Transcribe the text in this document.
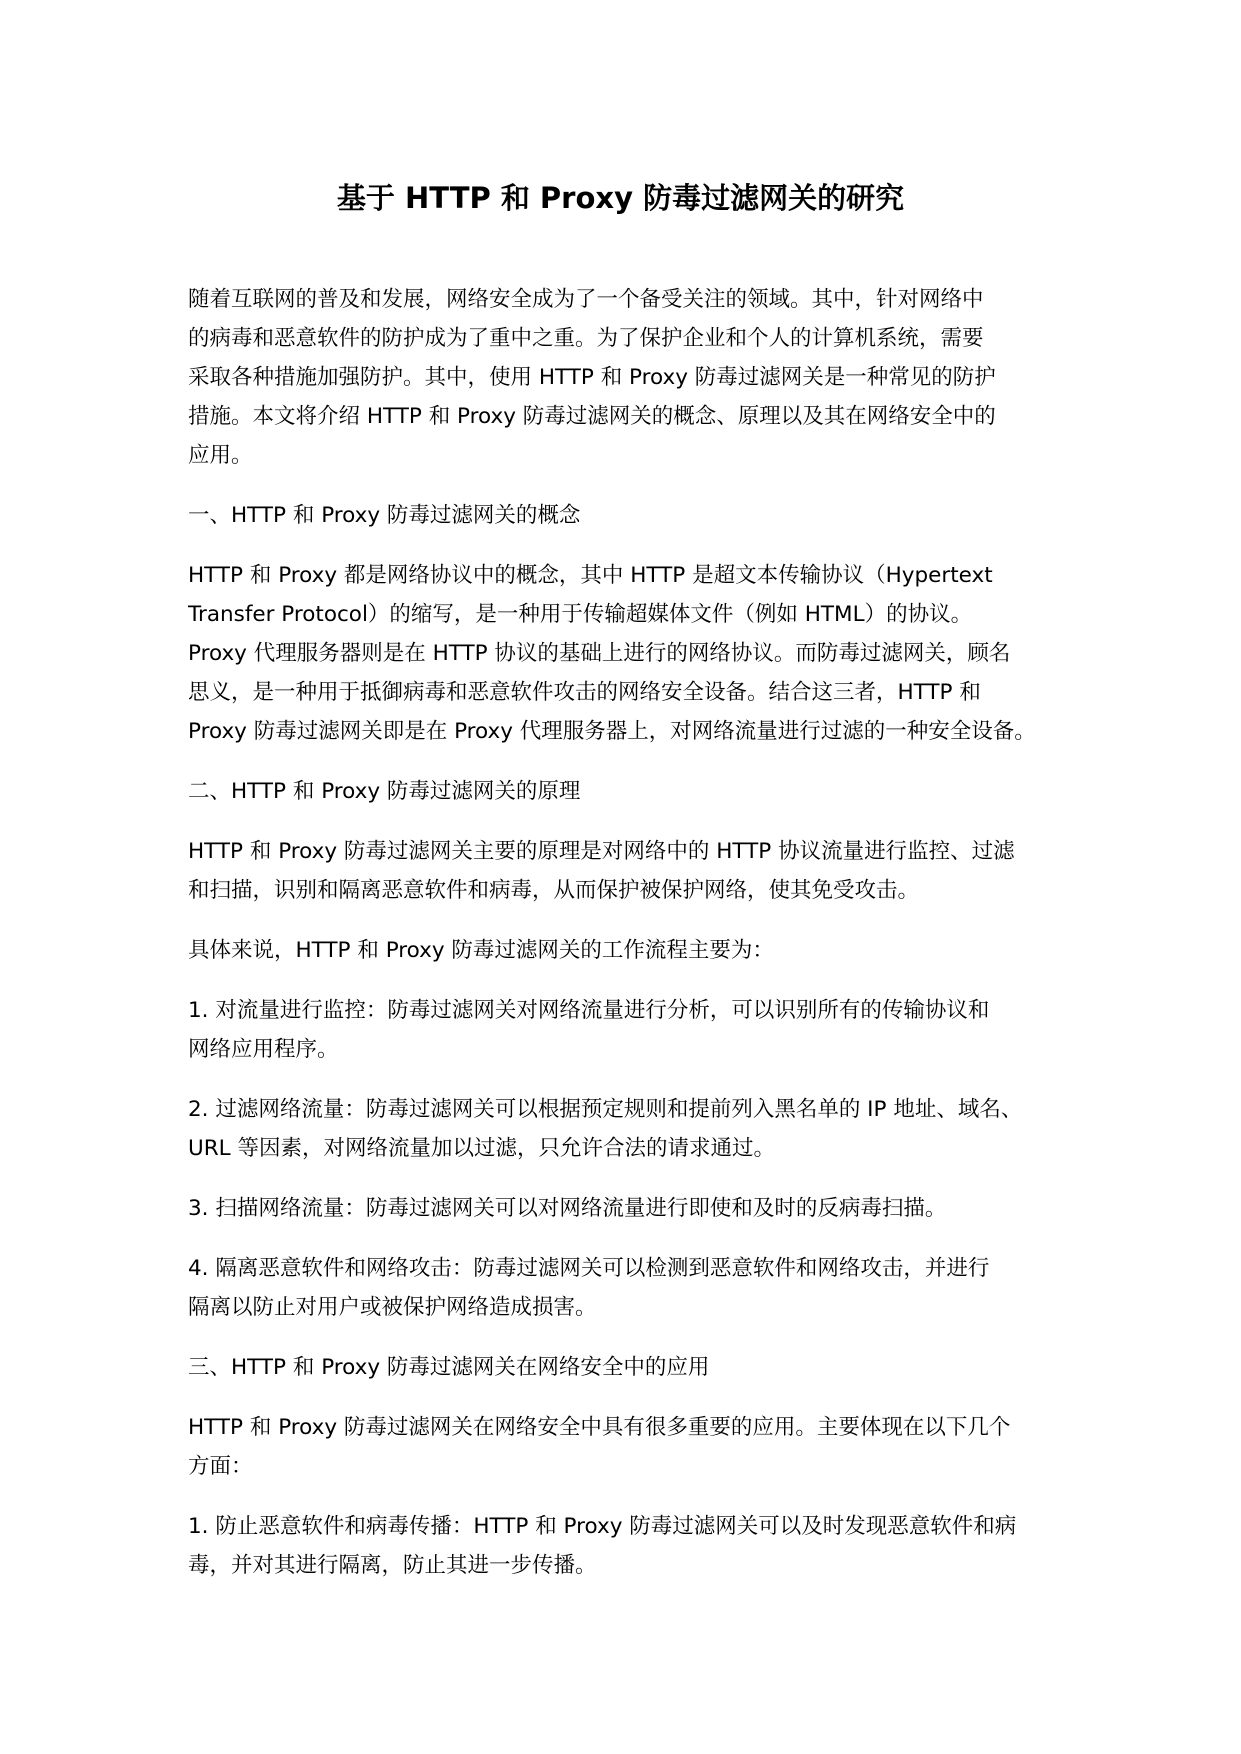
基于 HTTP 和 Proxy 防毒过滤网关的研究

随着互联网的普及和发展，网络安全成为了一个备受关注的领域。其中，针对网络中
的病毒和恶意软件的防护成为了重中之重。为了保护企业和个人的计算机系统，需要
采取各种措施加强防护。其中，使用 HTTP 和 Proxy 防毒过滤网关是一种常见的防护
措施。本文将介绍 HTTP 和 Proxy 防毒过滤网关的概念、原理以及其在网络安全中的
应用。

一、HTTP 和 Proxy 防毒过滤网关的概念

HTTP 和 Proxy 都是网络协议中的概念，其中 HTTP 是超文本传输协议（Hypertext
Transfer Protocol）的缩写，是一种用于传输超媒体文件（例如 HTML）的协议。
Proxy 代理服务器则是在 HTTP 协议的基础上进行的网络协议。而防毒过滤网关，顾名
思义，是一种用于抵御病毒和恶意软件攻击的网络安全设备。结合这三者，HTTP 和
Proxy 防毒过滤网关即是在 Proxy 代理服务器上，对网络流量进行过滤的一种安全设备。

二、HTTP 和 Proxy 防毒过滤网关的原理

HTTP 和 Proxy 防毒过滤网关主要的原理是对网络中的 HTTP 协议流量进行监控、过滤
和扫描，识别和隔离恶意软件和病毒，从而保护被保护网络，使其免受攻击。

具体来说，HTTP 和 Proxy 防毒过滤网关的工作流程主要为：

1. 对流量进行监控：防毒过滤网关对网络流量进行分析，可以识别所有的传输协议和
网络应用程序。

2. 过滤网络流量：防毒过滤网关可以根据预定规则和提前列入黑名单的 IP 地址、域名、
URL 等因素，对网络流量加以过滤，只允许合法的请求通过。

3. 扫描网络流量：防毒过滤网关可以对网络流量进行即使和及时的反病毒扫描。

4. 隔离恶意软件和网络攻击：防毒过滤网关可以检测到恶意软件和网络攻击，并进行
隔离以防止对用户或被保护网络造成损害。

三、HTTP 和 Proxy 防毒过滤网关在网络安全中的应用

HTTP 和 Proxy 防毒过滤网关在网络安全中具有很多重要的应用。主要体现在以下几个
方面：

1. 防止恶意软件和病毒传播：HTTP 和 Proxy 防毒过滤网关可以及时发现恶意软件和病
毒，并对其进行隔离，防止其进一步传播。
